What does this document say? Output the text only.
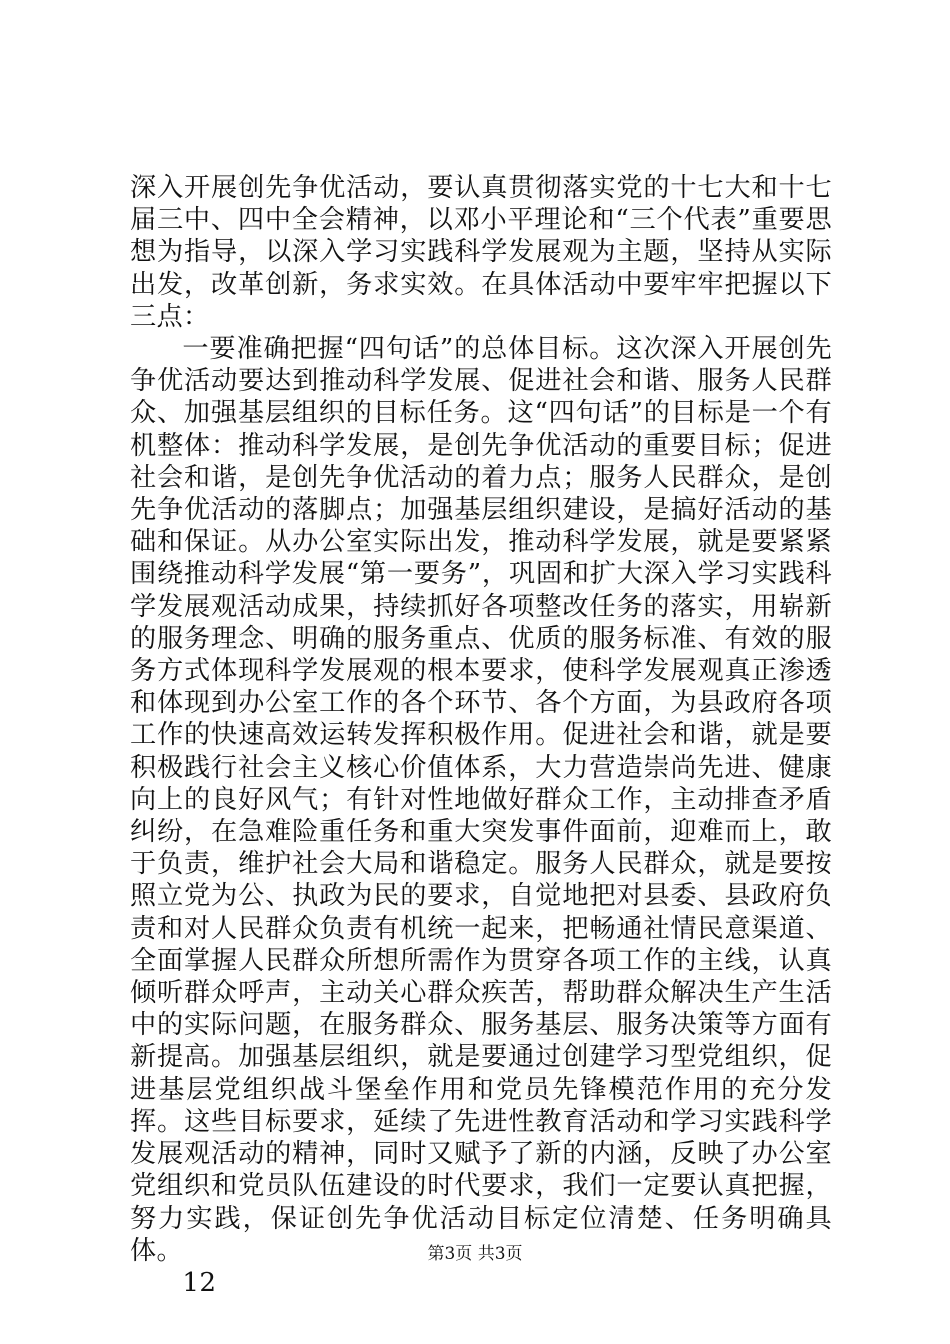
深入开展创先争优活动，要认真贯彻落实党的十七大和十七届三中、四中全会精神，以邓小平理论和“三个代表”重要思想为指导，以深入学习实践科学发展观为主题，坚持从实际出发，改革创新，务求实效。在具体活动中要牢牢把握以下三点：

一要准确把握“四句话”的总体目标。这次深入开展创先争优活动要达到推动科学发展、促进社会和谐、服务人民群众、加强基层组织的目标任务。这“四句话”的目标是一个有机整体：推动科学发展，是创先争优活动的重要目标；促进社会和谐，是创先争优活动的着力点；服务人民群众，是创先争优活动的落脚点；加强基层组织建设，是搞好活动的基础和保证。从办公室实际出发，推动科学发展，就是要紧紧围绕推动科学发展“第一要务”，巩固和扩大深入学习实践科学发展观活动成果，持续抓好各项整改任务的落实，用崭新的服务理念、明确的服务重点、优质的服务标准、有效的服务方式体现科学发展观的根本要求，使科学发展观真正渗透和体现到办公室工作的各个环节、各个方面，为县政府各项工作的快速高效运转发挥积极作用。促进社会和谐，就是要积极践行社会主义核心价值体系，大力营造崇尚先进、健康向上的良好风气；有针对性地做好群众工作，主动排查矛盾纠纷，在急难险重任务和重大突发事件面前，迎难而上，敢于负责，维护社会大局和谐稳定。服务人民群众，就是要按照立党为公、执政为民的要求，自觉地把对县委、县政府负责和对人民群众负责有机统一起来，把畅通社情民意渠道、全面掌握人民群众所想所需作为贯穿各项工作的主线，认真倾听群众呼声，主动关心群众疾苦，帮助群众解决生产生活中的实际问题，在服务群众、服务基层、服务决策等方面有新提高。加强基层组织，就是要通过创建学习型党组织，促进基层党组织战斗堡垒作用和党员先锋模范作用的充分发挥。这些目标要求，延续了先进性教育活动和学习实践科学发展观活动的精神，同时又赋予了新的内涵，反映了办公室党组织和党员队伍建设的时代要求，我们一定要认真把握，努力实践，保证创先争优活动目标定位清楚、任务明确具体。

12

第3页 共3页
